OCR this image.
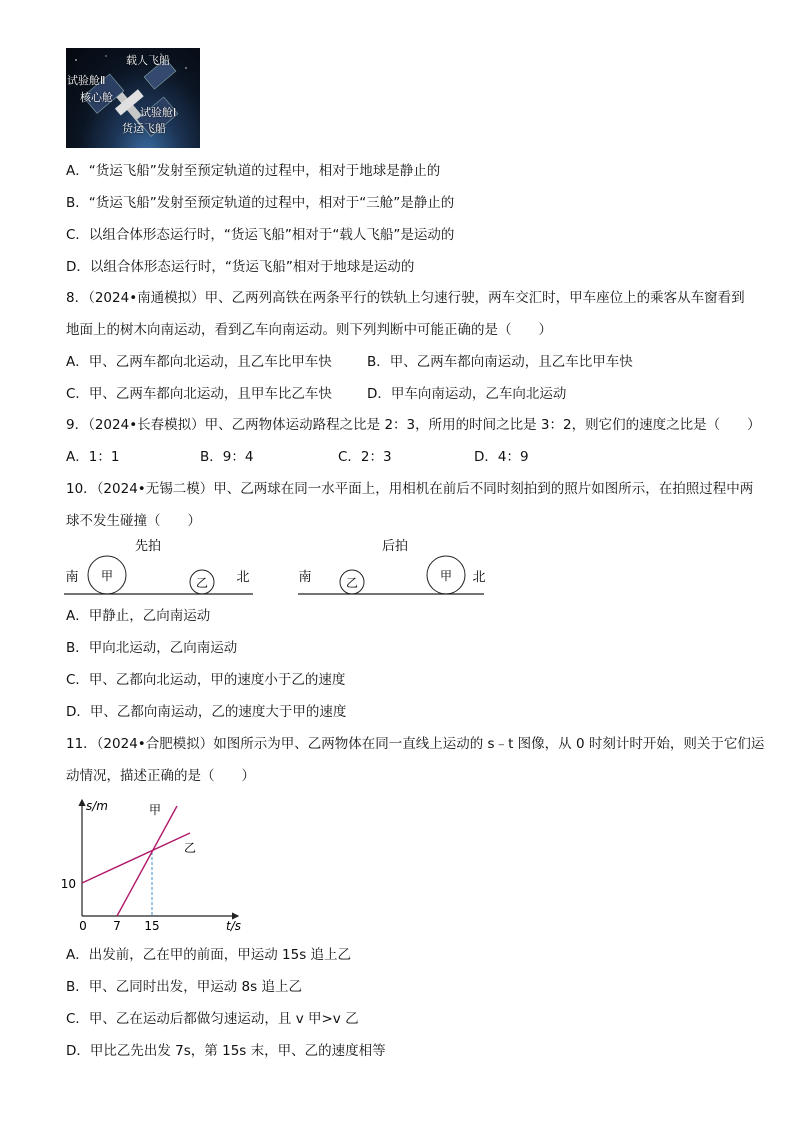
载人飞船
试验舱Ⅱ
核心舱
试验舱Ⅰ
货运飞船
A．“货运飞船”发射至预定轨道的过程中，相对于地球是静止的
B．“货运飞船”发射至预定轨道的过程中，相对于“三舱”是静止的
C．以组合体形态运行时，“货运飞船”相对于“载人飞船”是运动的
D．以组合体形态运行时，“货运飞船”相对于地球是运动的
8．（2024•南通模拟）甲、乙两列高铁在两条平行的铁轨上匀速行驶，两车交汇时，甲车座位上的乘客从车窗看到
地面上的树木向南运动，看到乙车向南运动。则下列判断中可能正确的是（　　）
A．甲、乙两车都向北运动，且乙车比甲车快	B．甲、乙两车都向南运动，且乙车比甲车快
C．甲、乙两车都向北运动，且甲车比乙车快	D．甲车向南运动，乙车向北运动
9．（2024•长春模拟）甲、乙两物体运动路程之比是 2：3，所用的时间之比是 3：2，则它们的速度之比是（　　）
A．1：1	B．9：4	C．2：3	D．4：9
10．（2024•无锡二模）甲、乙两球在同一水平面上，用相机在前后不同时刻拍到的照片如图所示，在拍照过程中两
球不发生碰撞（　　）
先拍
南	北
甲	乙
后拍
南	北
乙	甲
A．甲静止，乙向南运动
B．甲向北运动，乙向南运动
C．甲、乙都向北运动，甲的速度小于乙的速度
D．甲、乙都向南运动，乙的速度大于甲的速度
11．（2024•合肥模拟）如图所示为甲、乙两物体在同一直线上运动的 s﹣t 图像，从 0 时刻计时开始，则关于它们运
动情况，描述正确的是（　　）
s/m
t/s
0 7 15
10
甲
乙
A．出发前，乙在甲的前面，甲运动 15s 追上乙
B．甲、乙同时出发，甲运动 8s 追上乙
C．甲、乙在运动后都做匀速运动，且 v 甲>v 乙
D．甲比乙先出发 7s，第 15s 末，甲、乙的速度相等
